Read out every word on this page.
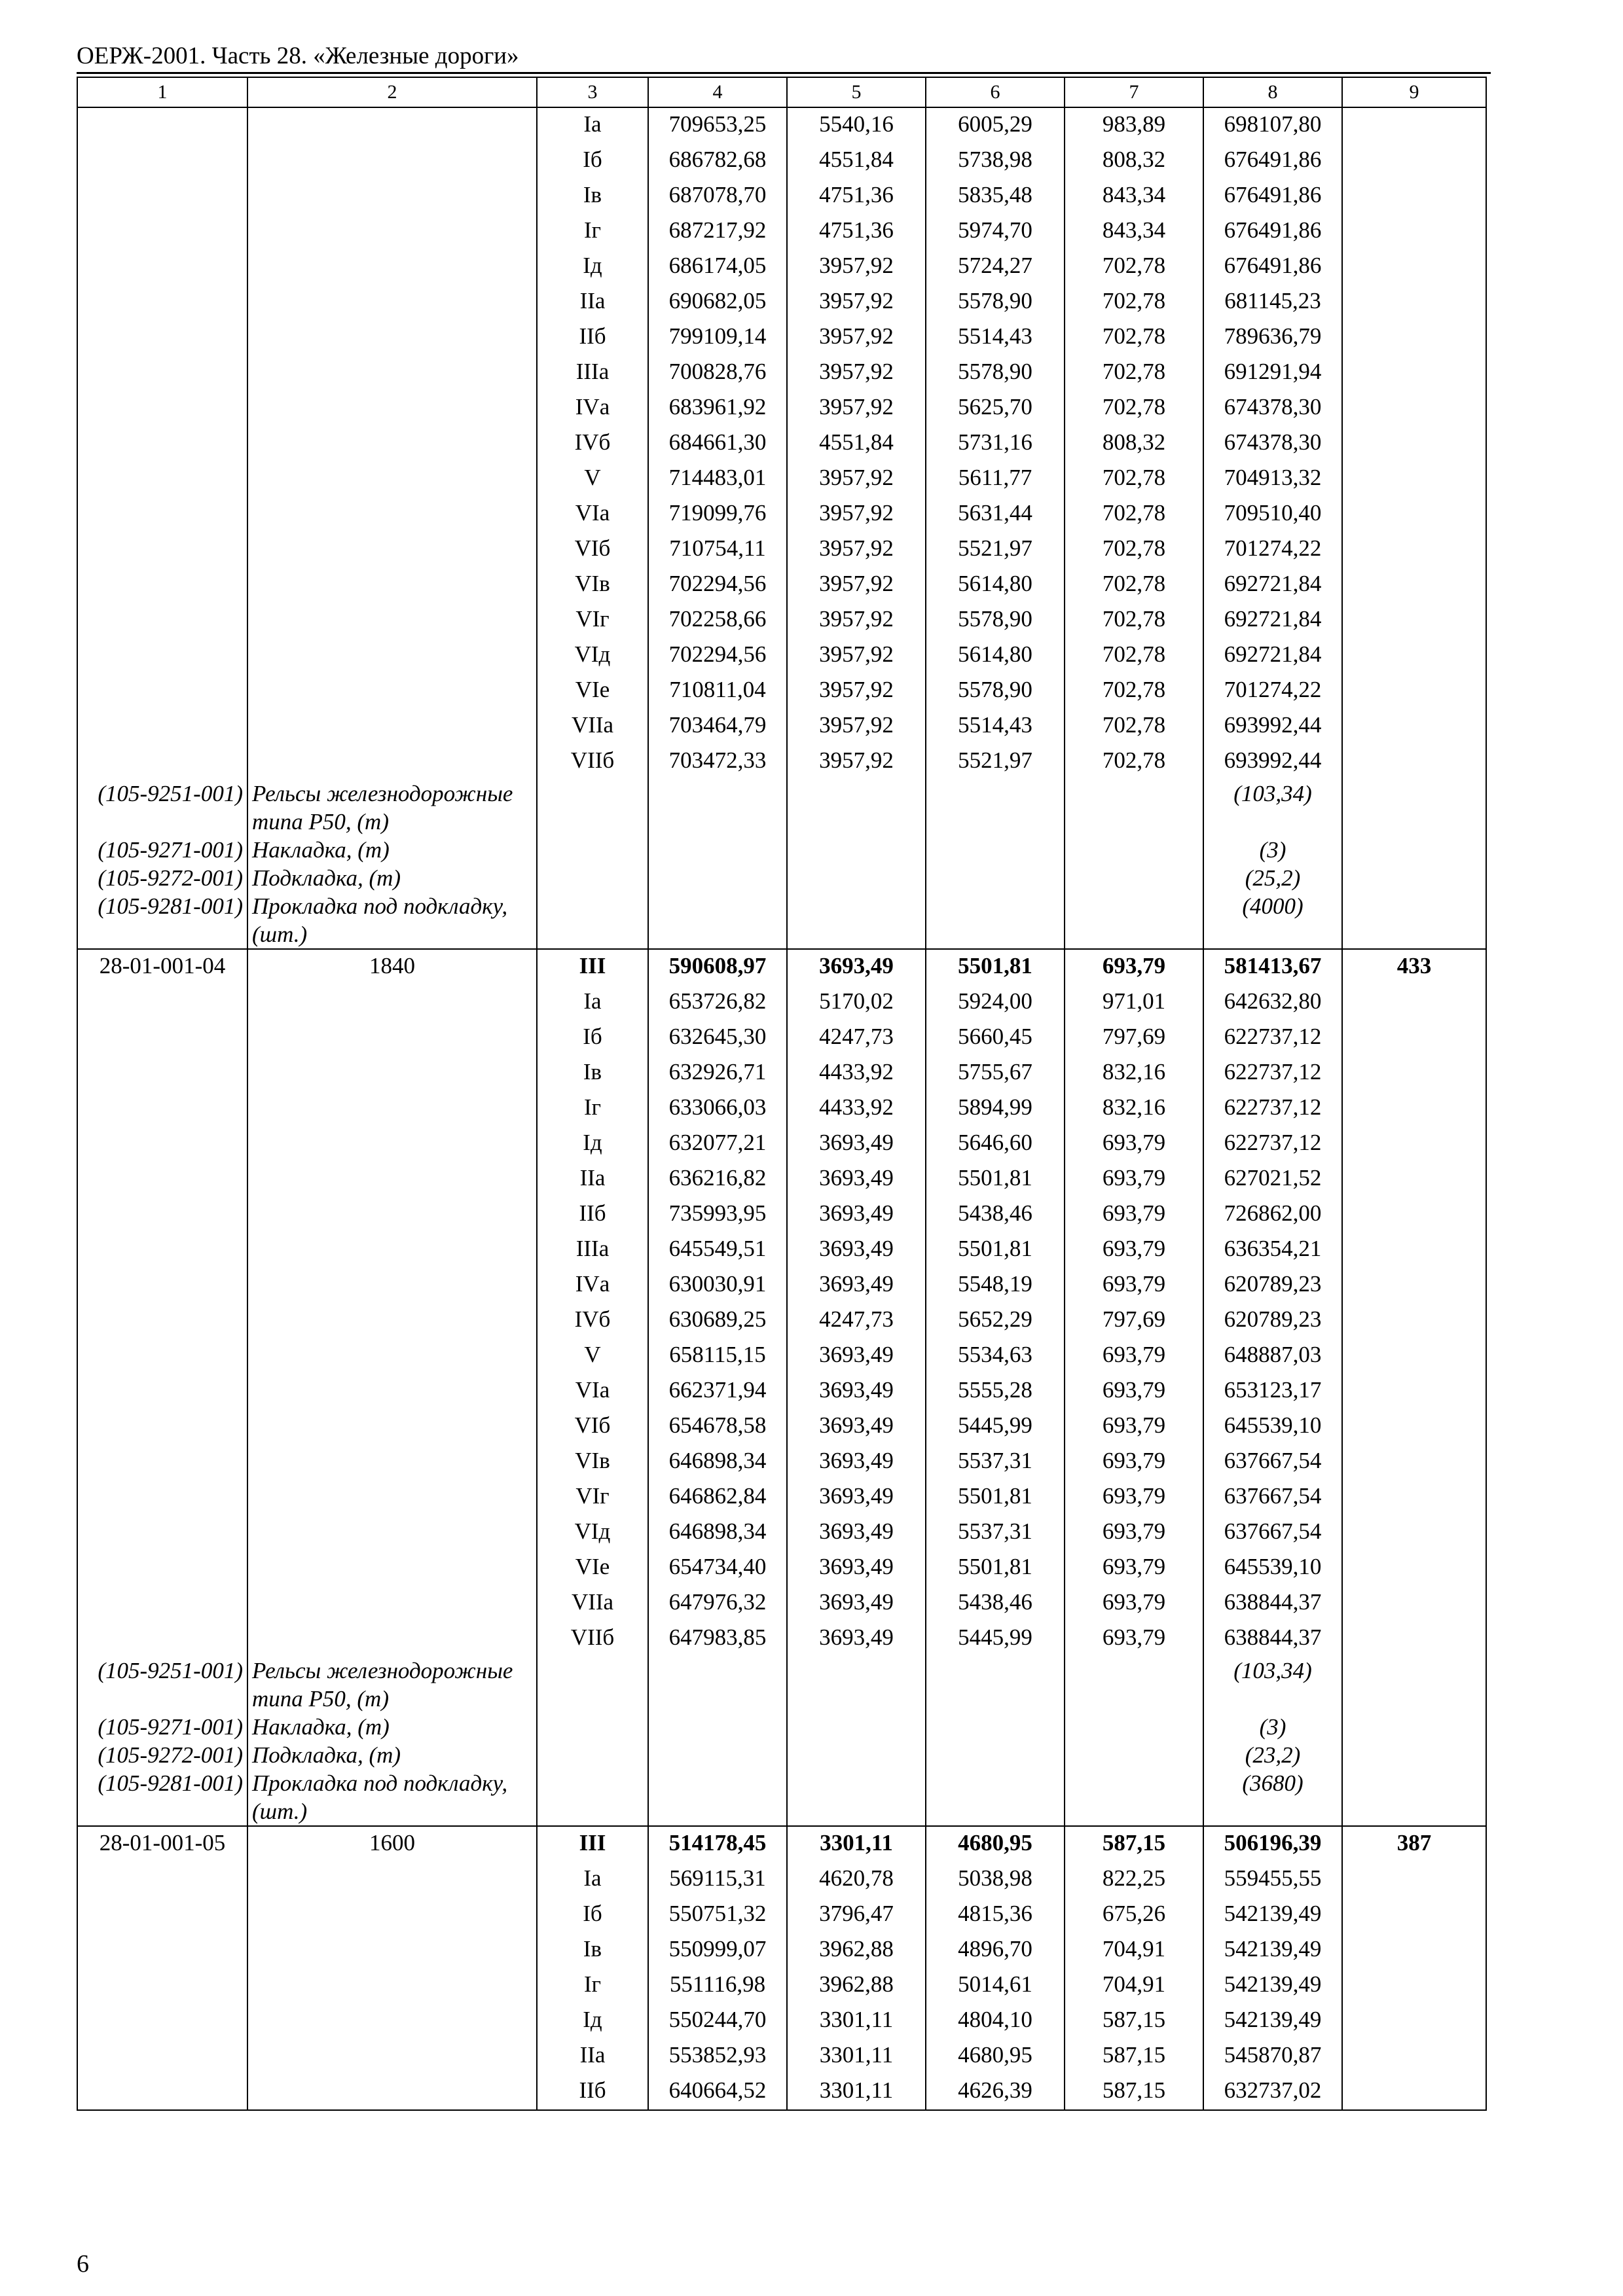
ОЕРЖ-2001. Часть 28. «Железные дороги»
1	2	3	4	5	6	7	8	9
		Iа	709653,25	5540,16	6005,29	983,89	698107,80	
		Iб	686782,68	4551,84	5738,98	808,32	676491,86	
		Iв	687078,70	4751,36	5835,48	843,34	676491,86	
		Iг	687217,92	4751,36	5974,70	843,34	676491,86	
		Iд	686174,05	3957,92	5724,27	702,78	676491,86	
		IIа	690682,05	3957,92	5578,90	702,78	681145,23	
		IIб	799109,14	3957,92	5514,43	702,78	789636,79	
		IIIа	700828,76	3957,92	5578,90	702,78	691291,94	
		IVа	683961,92	3957,92	5625,70	702,78	674378,30	
		IVб	684661,30	4551,84	5731,16	808,32	674378,30	
		V	714483,01	3957,92	5611,77	702,78	704913,32	
		VIа	719099,76	3957,92	5631,44	702,78	709510,40	
		VIб	710754,11	3957,92	5521,97	702,78	701274,22	
		VIв	702294,56	3957,92	5614,80	702,78	692721,84	
		VIг	702258,66	3957,92	5578,90	702,78	692721,84	
		VIд	702294,56	3957,92	5614,80	702,78	692721,84	
		VIе	710811,04	3957,92	5578,90	702,78	701274,22	
		VIIа	703464,79	3957,92	5514,43	702,78	693992,44	
		VIIб	703472,33	3957,92	5521,97	702,78	693992,44	
(105-9251-001)	Рельсы железнодорожные типа Р50, (т)						(103,34)	
(105-9271-001)	Накладка, (т)						(3)	
(105-9272-001)	Подкладка, (т)						(25,2)	
(105-9281-001)	Прокладка под подкладку, (шт.)						(4000)	
28-01-001-04	1840	III	590608,97	3693,49	5501,81	693,79	581413,67	433
		Iа	653726,82	5170,02	5924,00	971,01	642632,80	
		Iб	632645,30	4247,73	5660,45	797,69	622737,12	
		Iв	632926,71	4433,92	5755,67	832,16	622737,12	
		Iг	633066,03	4433,92	5894,99	832,16	622737,12	
		Iд	632077,21	3693,49	5646,60	693,79	622737,12	
		IIа	636216,82	3693,49	5501,81	693,79	627021,52	
		IIб	735993,95	3693,49	5438,46	693,79	726862,00	
		IIIа	645549,51	3693,49	5501,81	693,79	636354,21	
		IVа	630030,91	3693,49	5548,19	693,79	620789,23	
		IVб	630689,25	4247,73	5652,29	797,69	620789,23	
		V	658115,15	3693,49	5534,63	693,79	648887,03	
		VIа	662371,94	3693,49	5555,28	693,79	653123,17	
		VIб	654678,58	3693,49	5445,99	693,79	645539,10	
		VIв	646898,34	3693,49	5537,31	693,79	637667,54	
		VIг	646862,84	3693,49	5501,81	693,79	637667,54	
		VIд	646898,34	3693,49	5537,31	693,79	637667,54	
		VIе	654734,40	3693,49	5501,81	693,79	645539,10	
		VIIа	647976,32	3693,49	5438,46	693,79	638844,37	
		VIIб	647983,85	3693,49	5445,99	693,79	638844,37	
(105-9251-001)	Рельсы железнодорожные типа Р50, (т)						(103,34)	
(105-9271-001)	Накладка, (т)						(3)	
(105-9272-001)	Подкладка, (т)						(23,2)	
(105-9281-001)	Прокладка под подкладку, (шт.)						(3680)	
28-01-001-05	1600	III	514178,45	3301,11	4680,95	587,15	506196,39	387
		Iа	569115,31	4620,78	5038,98	822,25	559455,55	
		Iб	550751,32	3796,47	4815,36	675,26	542139,49	
		Iв	550999,07	3962,88	4896,70	704,91	542139,49	
		Iг	551116,98	3962,88	5014,61	704,91	542139,49	
		Iд	550244,70	3301,11	4804,10	587,15	542139,49	
		IIа	553852,93	3301,11	4680,95	587,15	545870,87	
		IIб	640664,52	3301,11	4626,39	587,15	632737,02	
6
